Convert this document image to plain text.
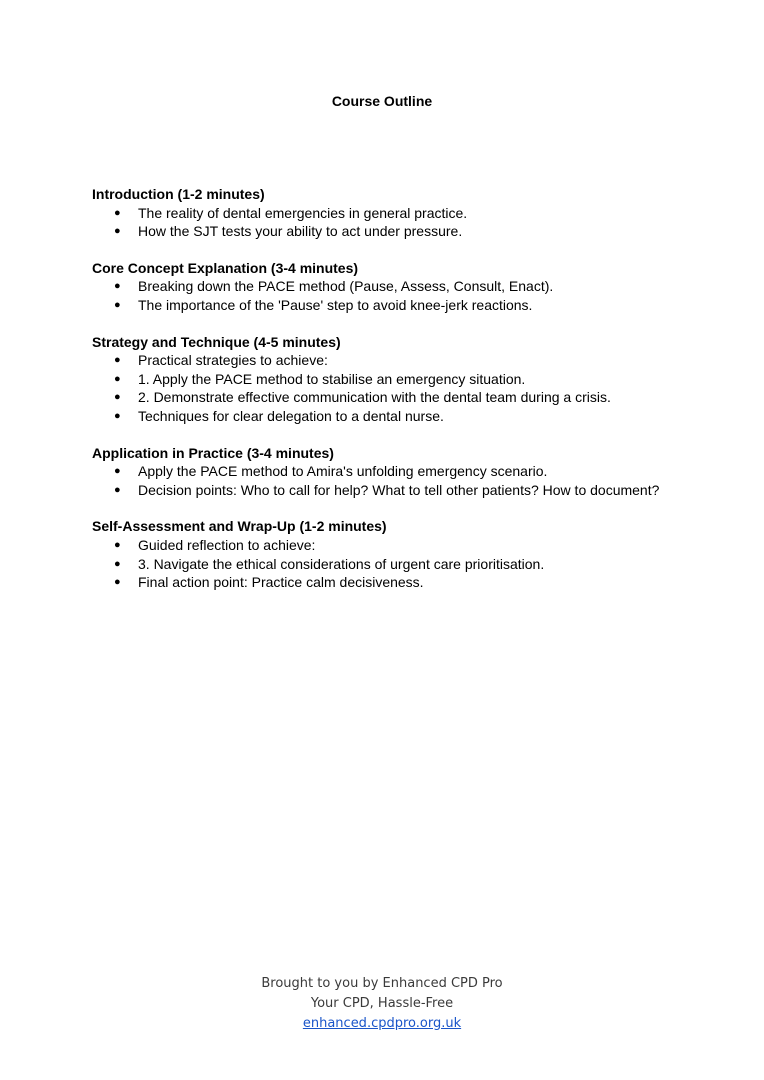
Course Outline

Introduction (1-2 minutes)

● The reality of dental emergencies in general practice.
● How the SJT tests your ability to act under pressure.

Core Concept Explanation (3-4 minutes)

● Breaking down the PACE method (Pause, Assess, Consult, Enact).
● The importance of the 'Pause' step to avoid knee-jerk reactions.

Strategy and Technique (4-5 minutes)

● Practical strategies to achieve:
● 1. Apply the PACE method to stabilise an emergency situation.
● 2. Demonstrate effective communication with the dental team during a crisis.
● Techniques for clear delegation to a dental nurse.

Application in Practice (3-4 minutes)

● Apply the PACE method to Amira's unfolding emergency scenario.
● Decision points: Who to call for help? What to tell other patients? How to document?

Self-Assessment and Wrap-Up (1-2 minutes)

● Guided reflection to achieve:
● 3. Navigate the ethical considerations of urgent care prioritisation.
● Final action point: Practice calm decisiveness.
Brought to you by Enhanced CPD Pro
Your CPD, Hassle-Free
enhanced.cpdpro.org.uk
